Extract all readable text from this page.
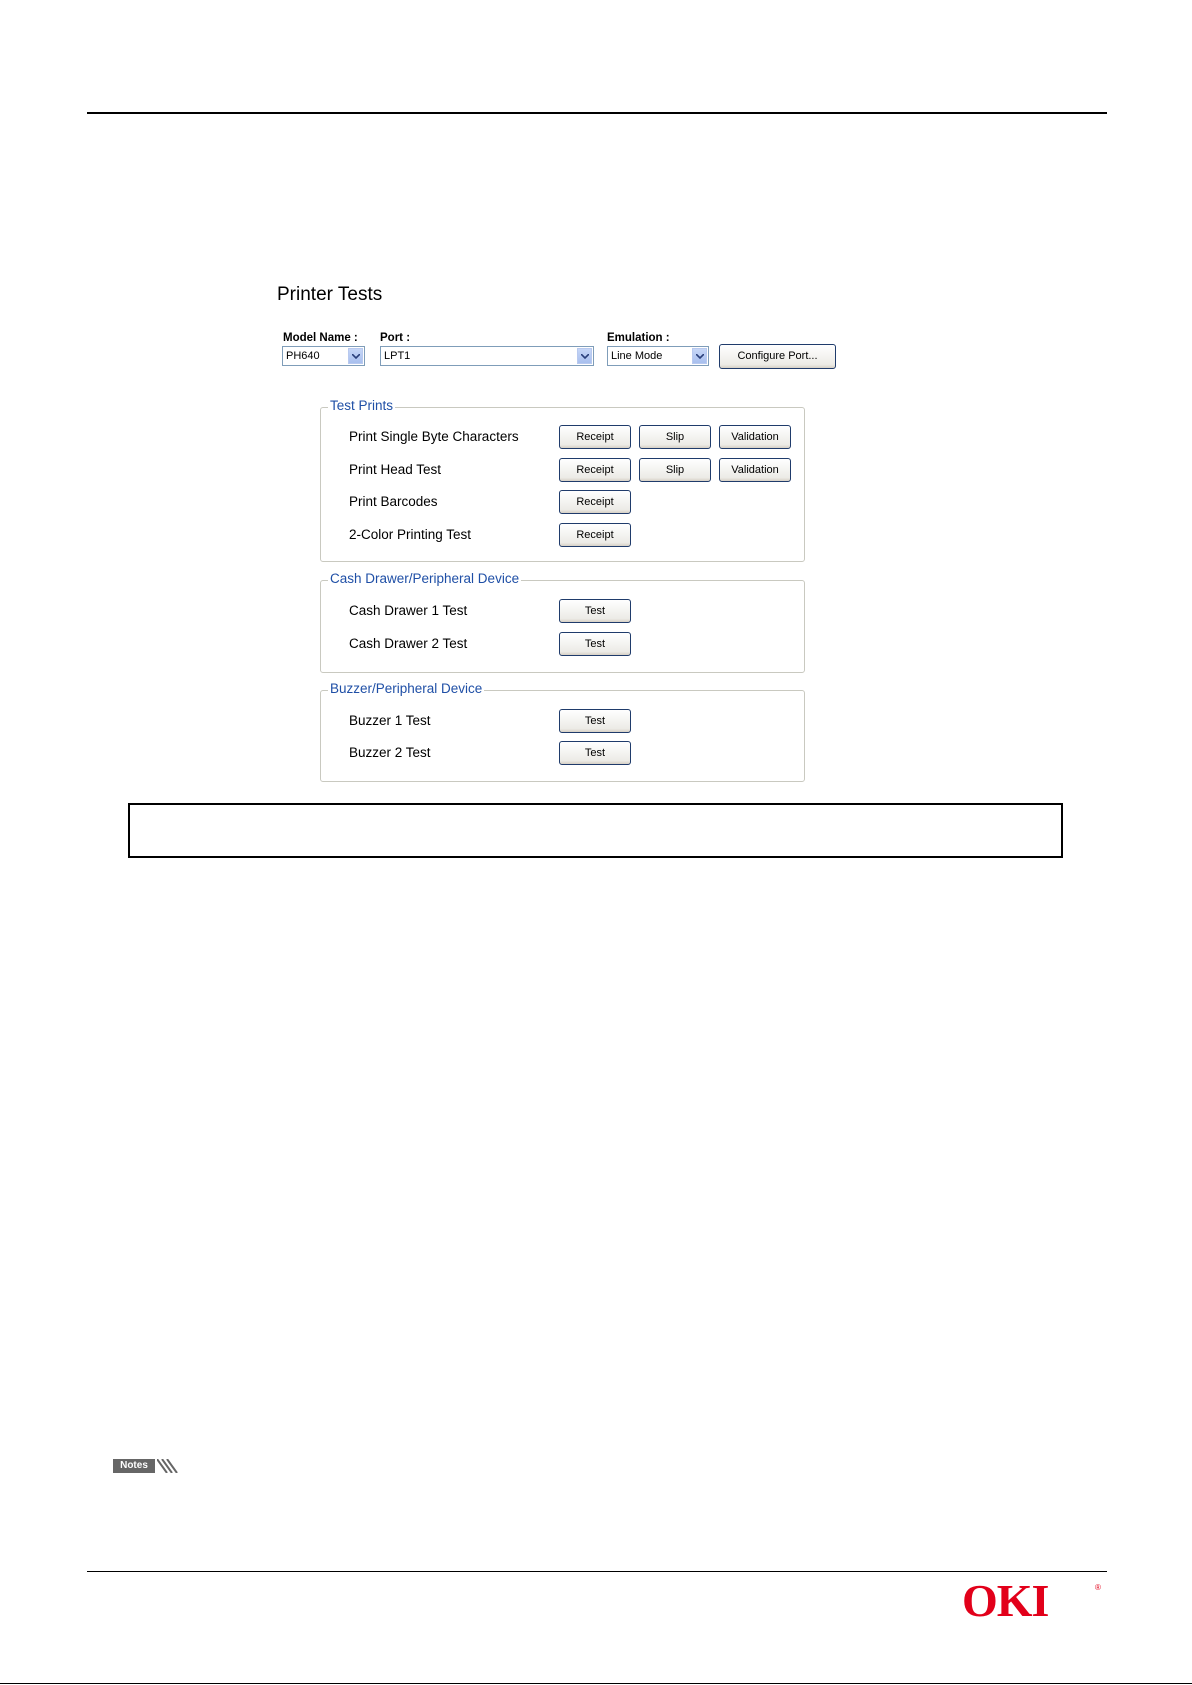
Printer Tests
Model Name : Port :	Emulation :
PH640	LPT1	Line Mode	Configure Port...
Test Prints
Print Single Byte Characters	Receipt	Slip	Validation
Print Head Test	Receipt	Slip	Validation
Print Barcodes	Receipt
2-Color Printing Test	Receipt
Cash Drawer/Peripheral Device
Cash Drawer 1 Test	Test
Cash Drawer 2 Test	Test
Buzzer/Peripheral Device
Buzzer 1 Test	Test
Buzzer 2 Test	Test
Notes
OKI	®
